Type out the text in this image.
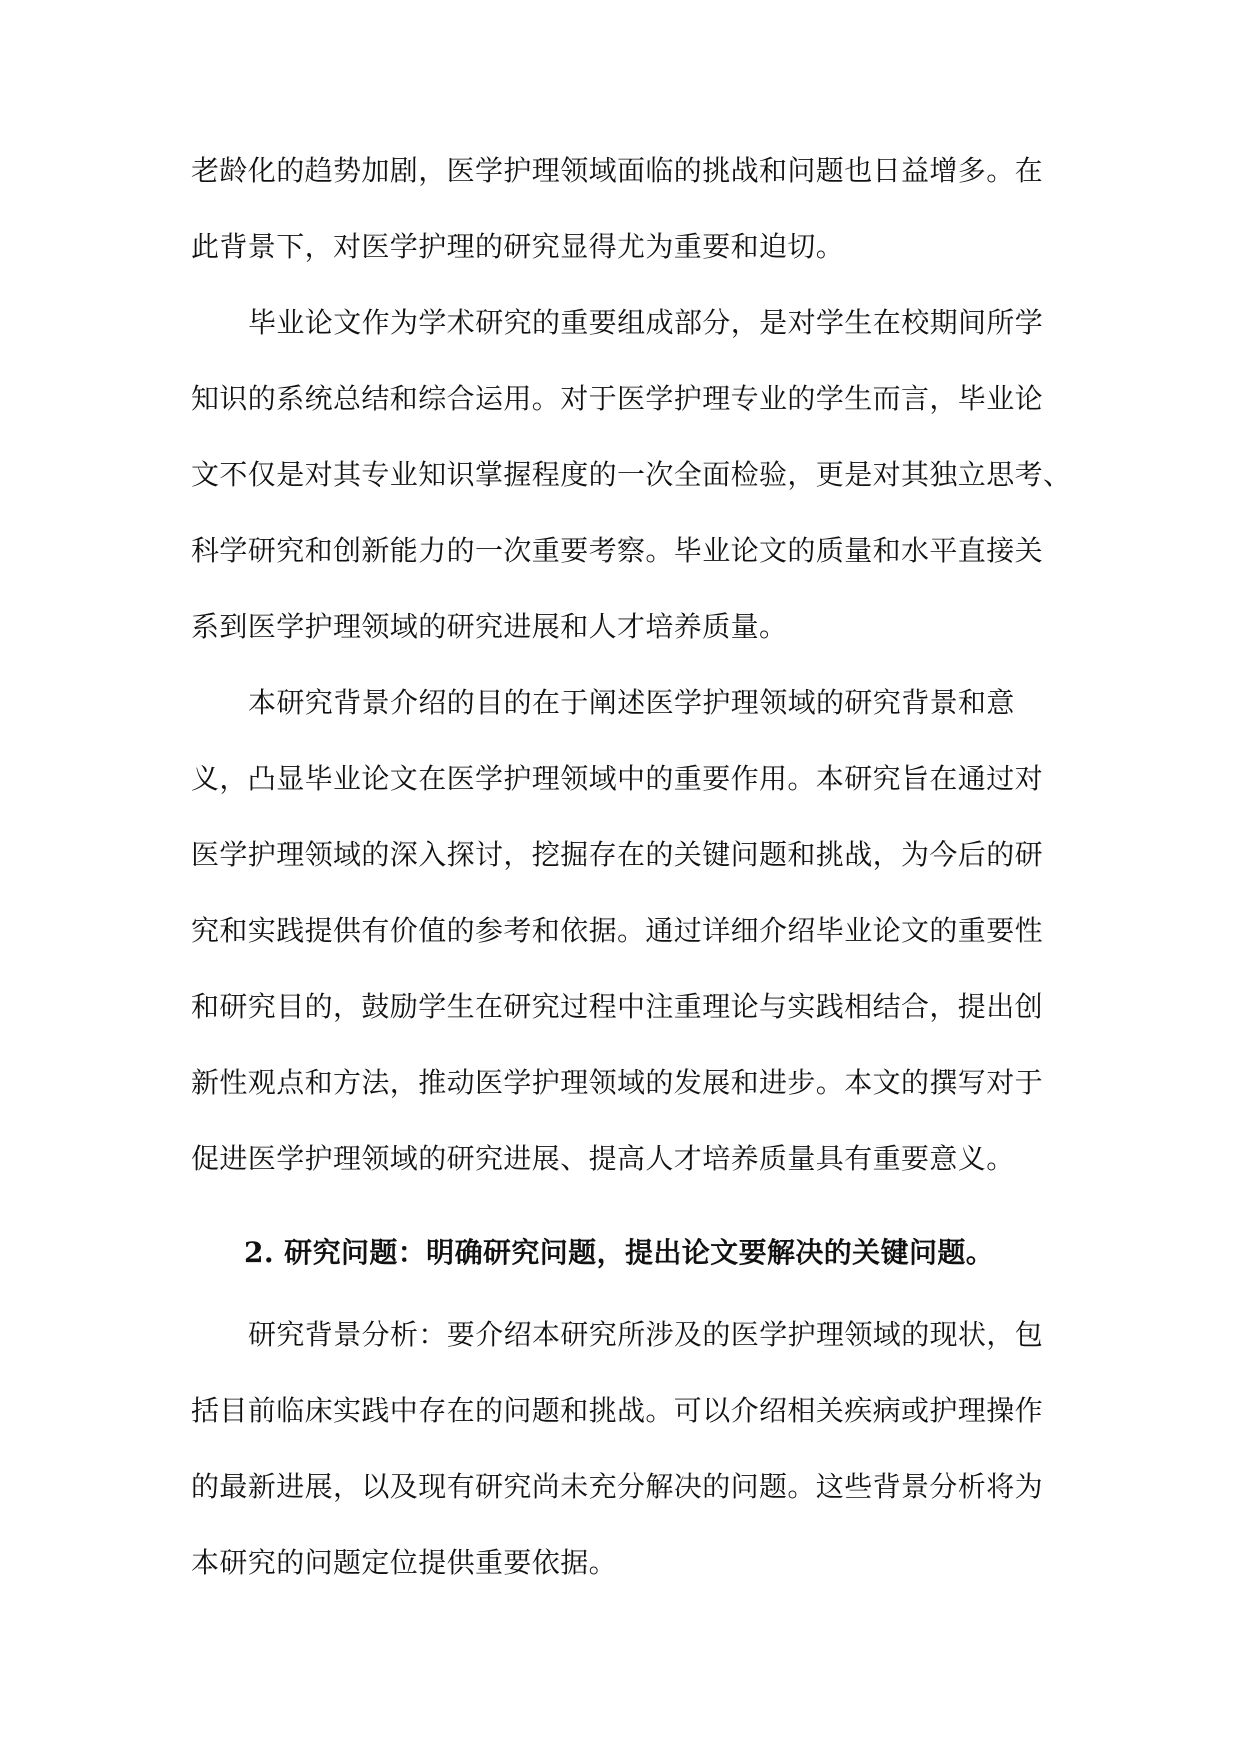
老龄化的趋势加剧，医学护理领域面临的挑战和问题也日益增多。在
此背景下，对医学护理的研究显得尤为重要和迫切。
毕业论文作为学术研究的重要组成部分，是对学生在校期间所学
知识的系统总结和综合运用。对于医学护理专业的学生而言，毕业论
文不仅是对其专业知识掌握程度的一次全面检验，更是对其独立思考、
科学研究和创新能力的一次重要考察。毕业论文的质量和水平直接关
系到医学护理领域的研究进展和人才培养质量。
本研究背景介绍的目的在于阐述医学护理领域的研究背景和意
义，凸显毕业论文在医学护理领域中的重要作用。本研究旨在通过对
医学护理领域的深入探讨，挖掘存在的关键问题和挑战，为今后的研
究和实践提供有价值的参考和依据。通过详细介绍毕业论文的重要性
和研究目的，鼓励学生在研究过程中注重理论与实践相结合，提出创
新性观点和方法，推动医学护理领域的发展和进步。本文的撰写对于
促进医学护理领域的研究进展、提高人才培养质量具有重要意义。
2. 研究问题：明确研究问题，提出论文要解决的关键问题。
研究背景分析：要介绍本研究所涉及的医学护理领域的现状，包
括目前临床实践中存在的问题和挑战。可以介绍相关疾病或护理操作
的最新进展，以及现有研究尚未充分解决的问题。这些背景分析将为
本研究的问题定位提供重要依据。
